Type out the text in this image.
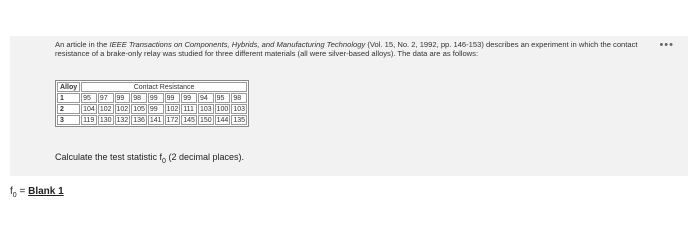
An article in the IEEE Transactions on Components, Hybrids, and Manufacturing Technology (Vol. 15, No. 2, 1992, pp. 146-153) describes an experiment in which the contact resistance of a brake-only relay was studied for three different materials (all were silver-based alloys). The data are as follows:
•••
Alloy	Contact Resistance									
1	95	97	99	98	99	99	99	94	95	98
2	104	102	102	105	99	102	111	103	100	103
3	119	130	132	136	141	172	145	150	144	135
Calculate the test statistic $f_0$ (2 decimal places).
$f_0$ = Blank 1
